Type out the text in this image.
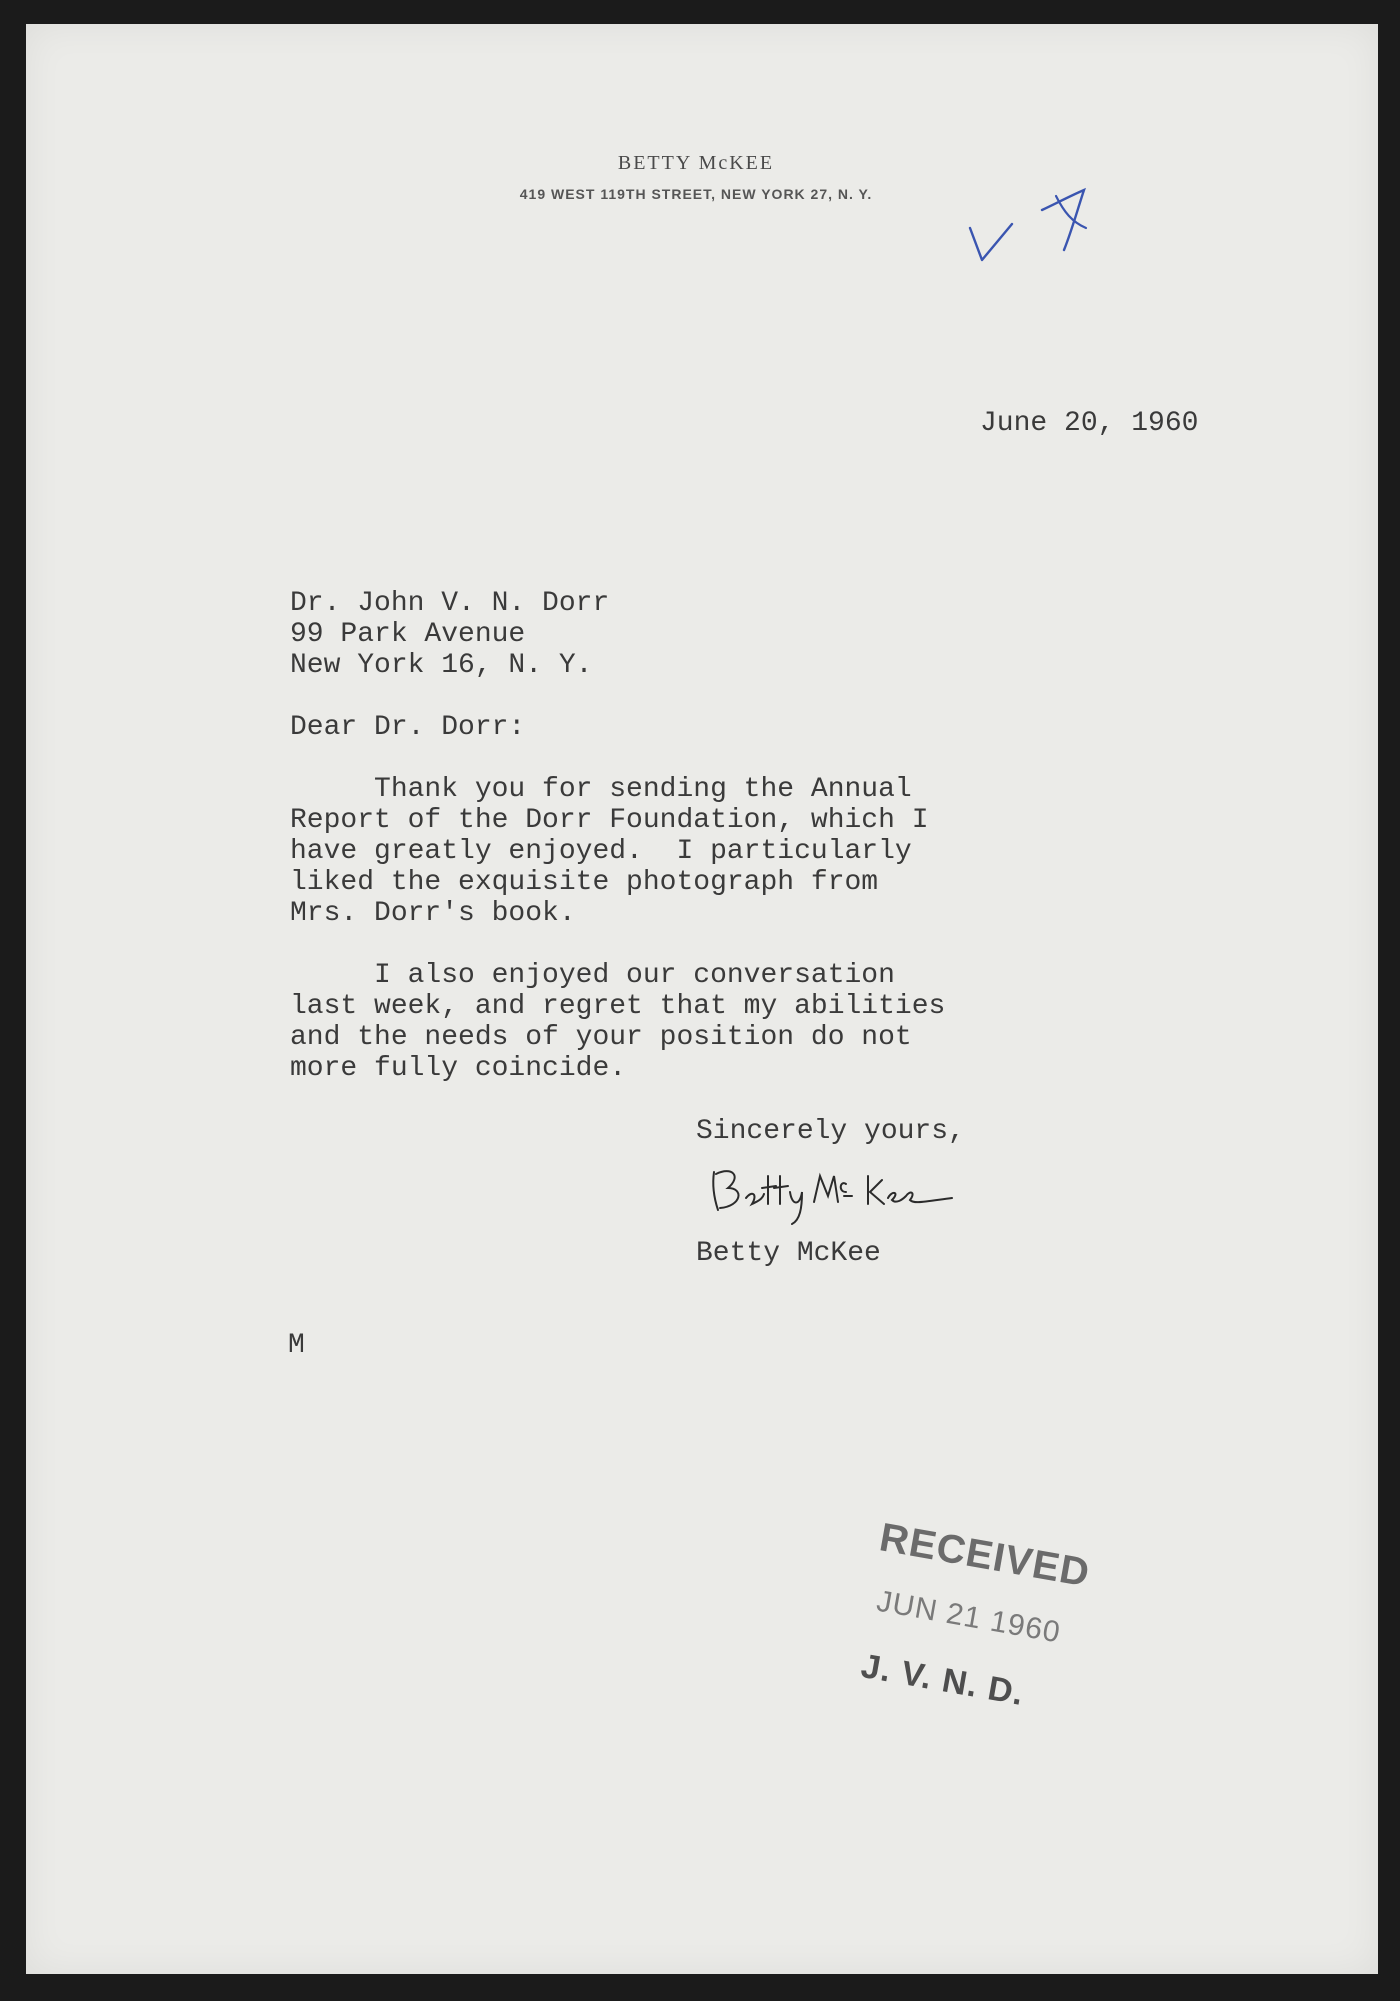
BETTY McKEE
419 WEST 119TH STREET, NEW YORK 27, N. Y.
June 20, 1960
Dr. John V. N. Dorr
99 Park Avenue
New York 16, N. Y.
Dear Dr. Dorr:
Thank you for sending the Annual
Report of the Dorr Foundation, which I
have greatly enjoyed.  I particularly
liked the exquisite photograph from
Mrs. Dorr's book.
I also enjoyed our conversation
last week, and regret that my abilities
and the needs of your position do not
more fully coincide.
Sincerely yours,
Betty McKee
M
RECEIVED
JUN 21 1960
J. V. N. D.
